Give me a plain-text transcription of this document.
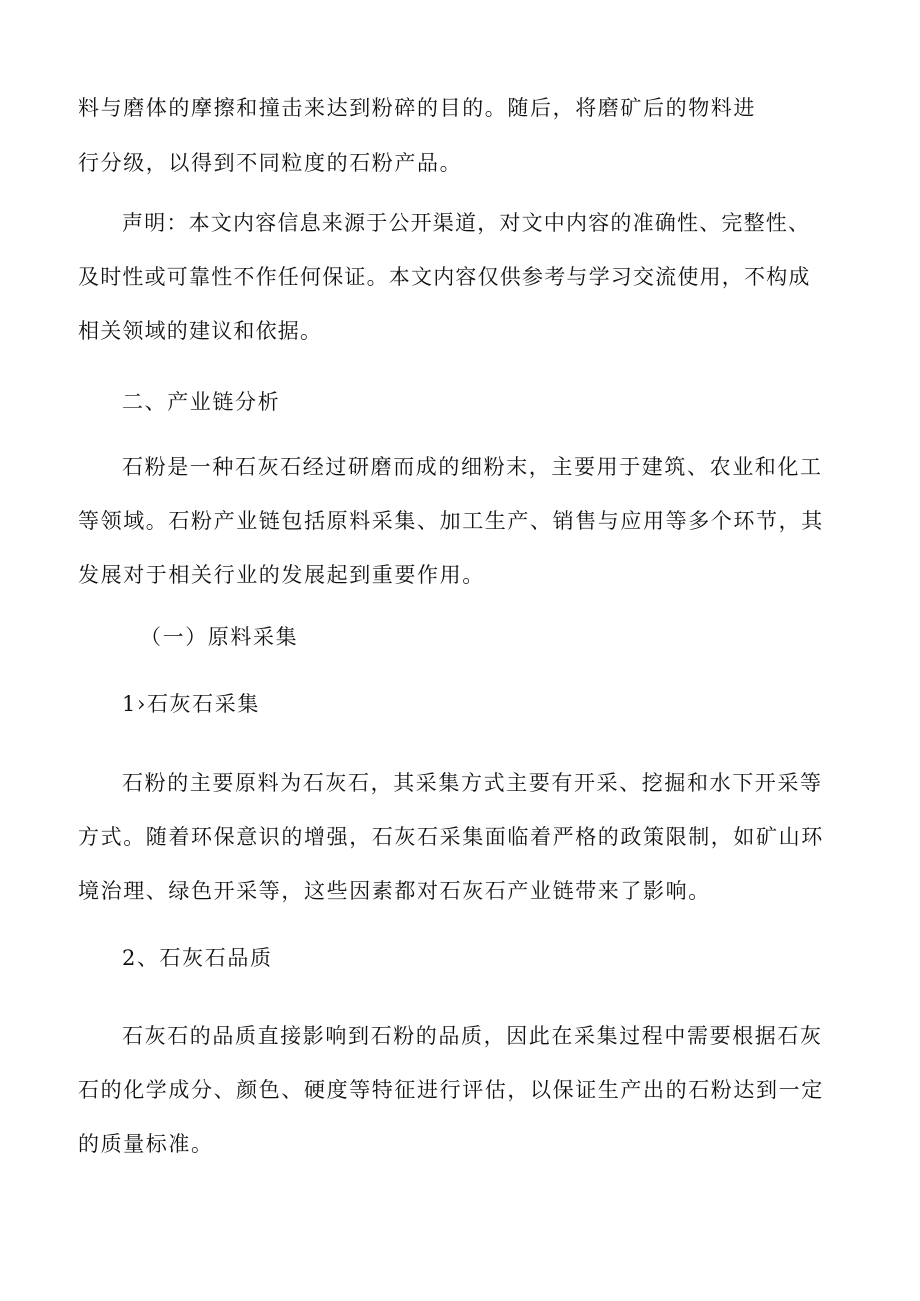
料与磨体的摩擦和撞击来达到粉碎的目的。随后，将磨矿后的物料进
行分级，以得到不同粒度的石粉产品。
声明：本文内容信息来源于公开渠道，对文中内容的准确性、完整性、
及时性或可靠性不作任何保证。本文内容仅供参考与学习交流使用，不构成
相关领域的建议和依据。
二、产业链分析
石粉是一种石灰石经过研磨而成的细粉末，主要用于建筑、农业和化工
等领域。石粉产业链包括原料采集、加工生产、销售与应用等多个环节，其
发展对于相关行业的发展起到重要作用。
（一）原料采集
1›石灰石采集
石粉的主要原料为石灰石，其采集方式主要有开采、挖掘和水下开采等
方式。随着环保意识的增强，石灰石采集面临着严格的政策限制，如矿山环
境治理、绿色开采等，这些因素都对石灰石产业链带来了影响。
2、石灰石品质
石灰石的品质直接影响到石粉的品质，因此在采集过程中需要根据石灰
石的化学成分、颜色、硬度等特征进行评估，以保证生产出的石粉达到一定
的质量标准。
